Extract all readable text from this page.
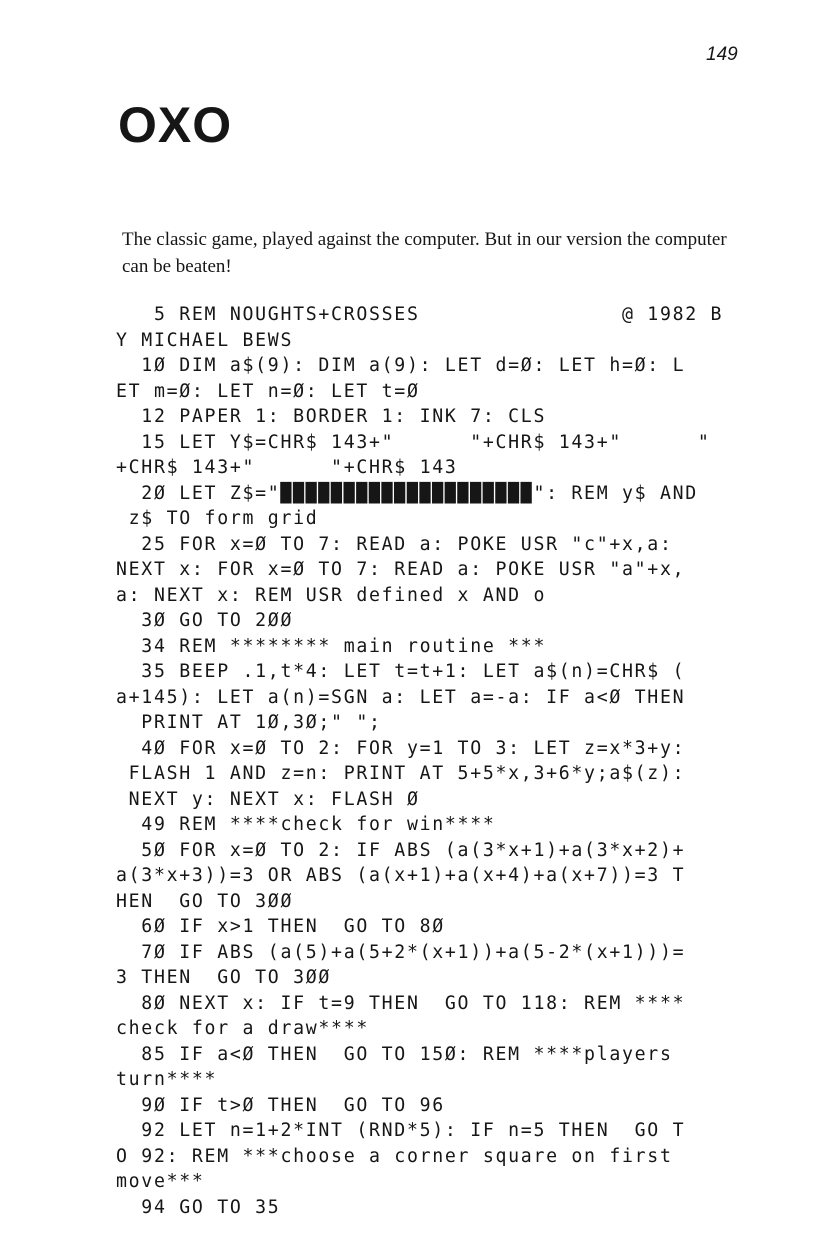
149
OXO

The classic game, played against the computer. But in our version the computer can be beaten!

5 REM NOUGHTS+CROSSES                @ 1982 B
Y MICHAEL BEWS
1Ø DIM a$(9): DIM a(9): LET d=Ø: LET h=Ø: L
ET m=Ø: LET n=Ø: LET t=Ø
12 PAPER 1: BORDER 1: INK 7: CLS
15 LET Y$=CHR$ 143+"      "+CHR$ 143+"      "
+CHR$ 143+"      "+CHR$ 143
2Ø LET Z$="████████████████████": REM y$ AND
z$ TO form grid
25 FOR x=Ø TO 7: READ a: POKE USR "c"+x,a:
NEXT x: FOR x=Ø TO 7: READ a: POKE USR "a"+x,
a: NEXT x: REM USR defined x AND o
3Ø GO TO 2ØØ
34 REM ******** main routine ***
35 BEEP .1,t*4: LET t=t+1: LET a$(n)=CHR$ (
a+145): LET a(n)=SGN a: LET a=-a: IF a<Ø THEN
PRINT AT 1Ø,3Ø;" ";
4Ø FOR x=Ø TO 2: FOR y=1 TO 3: LET z=x*3+y:
FLASH 1 AND z=n: PRINT AT 5+5*x,3+6*y;a$(z):
NEXT y: NEXT x: FLASH Ø
49 REM ****check for win****
5Ø FOR x=Ø TO 2: IF ABS (a(3*x+1)+a(3*x+2)+
a(3*x+3))=3 OR ABS (a(x+1)+a(x+4)+a(x+7))=3 T
HEN  GO TO 3ØØ
6Ø IF x>1 THEN  GO TO 8Ø
7Ø IF ABS (a(5)+a(5+2*(x+1))+a(5-2*(x+1)))=
3 THEN  GO TO 3ØØ
8Ø NEXT x: IF t=9 THEN  GO TO 118: REM ****
check for a draw****
85 IF a<Ø THEN  GO TO 15Ø: REM ****players
turn****
9Ø IF t>Ø THEN  GO TO 96
92 LET n=1+2*INT (RND*5): IF n=5 THEN  GO T
O 92: REM ***choose a corner square on first
move***
94 GO TO 35
